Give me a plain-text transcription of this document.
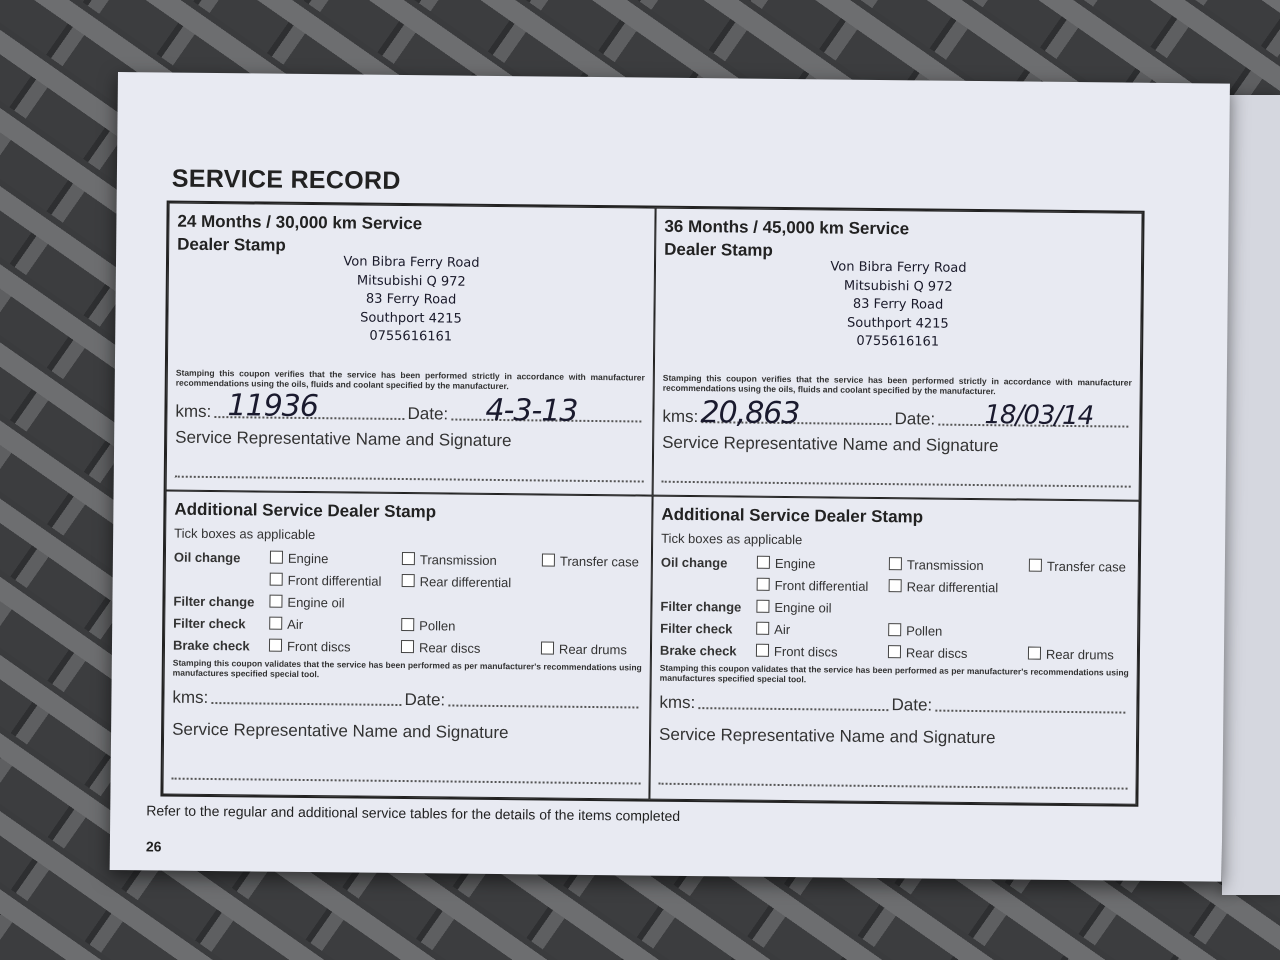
SERVICE RECORD
24 Months / 30,000 km Service
Dealer Stamp
Von Bibra Ferry Road
Mitsubishi Q 972
83 Ferry Road
Southport 4215
0755616161
Stamping this coupon verifies that the service has been performed strictly in accordance with manufacturer recommendations using the oils, fluids and coolant specified by the manufacturer.
kms:	Date:
11936	4-3-13
Service Representative Name and Signature
36 Months / 45,000 km Service
Dealer Stamp
Von Bibra Ferry Road
Mitsubishi Q 972
83 Ferry Road
Southport 4215
0755616161
Stamping this coupon verifies that the service has been performed strictly in accordance with manufacturer recommendations using the oils, fluids and coolant specified by the manufacturer.
kms:	Date:
20,863	18/03/14
Service Representative Name and Signature
Additional Service Dealer Stamp
Tick boxes as applicable
Oil change	Engine	Transmission	Transfer case
Front differential	Rear differential
Filter change	Engine oil
Filter check	Air	Pollen
Brake check	Front discs	Rear discs	Rear drums
Stamping this coupon validates that the service has been performed as per manufacturer's recommendations using manufactures specified special tool.
kms:	Date:
Service Representative Name and Signature
Additional Service Dealer Stamp
Tick boxes as applicable
Oil change	Engine	Transmission	Transfer case
Front differential	Rear differential
Filter change	Engine oil
Filter check	Air	Pollen
Brake check	Front discs	Rear discs	Rear drums
Stamping this coupon validates that the service has been performed as per manufacturer's recommendations using manufactures specified special tool.
kms:	Date:
Service Representative Name and Signature
Refer to the regular and additional service tables for the details of the items completed
26
